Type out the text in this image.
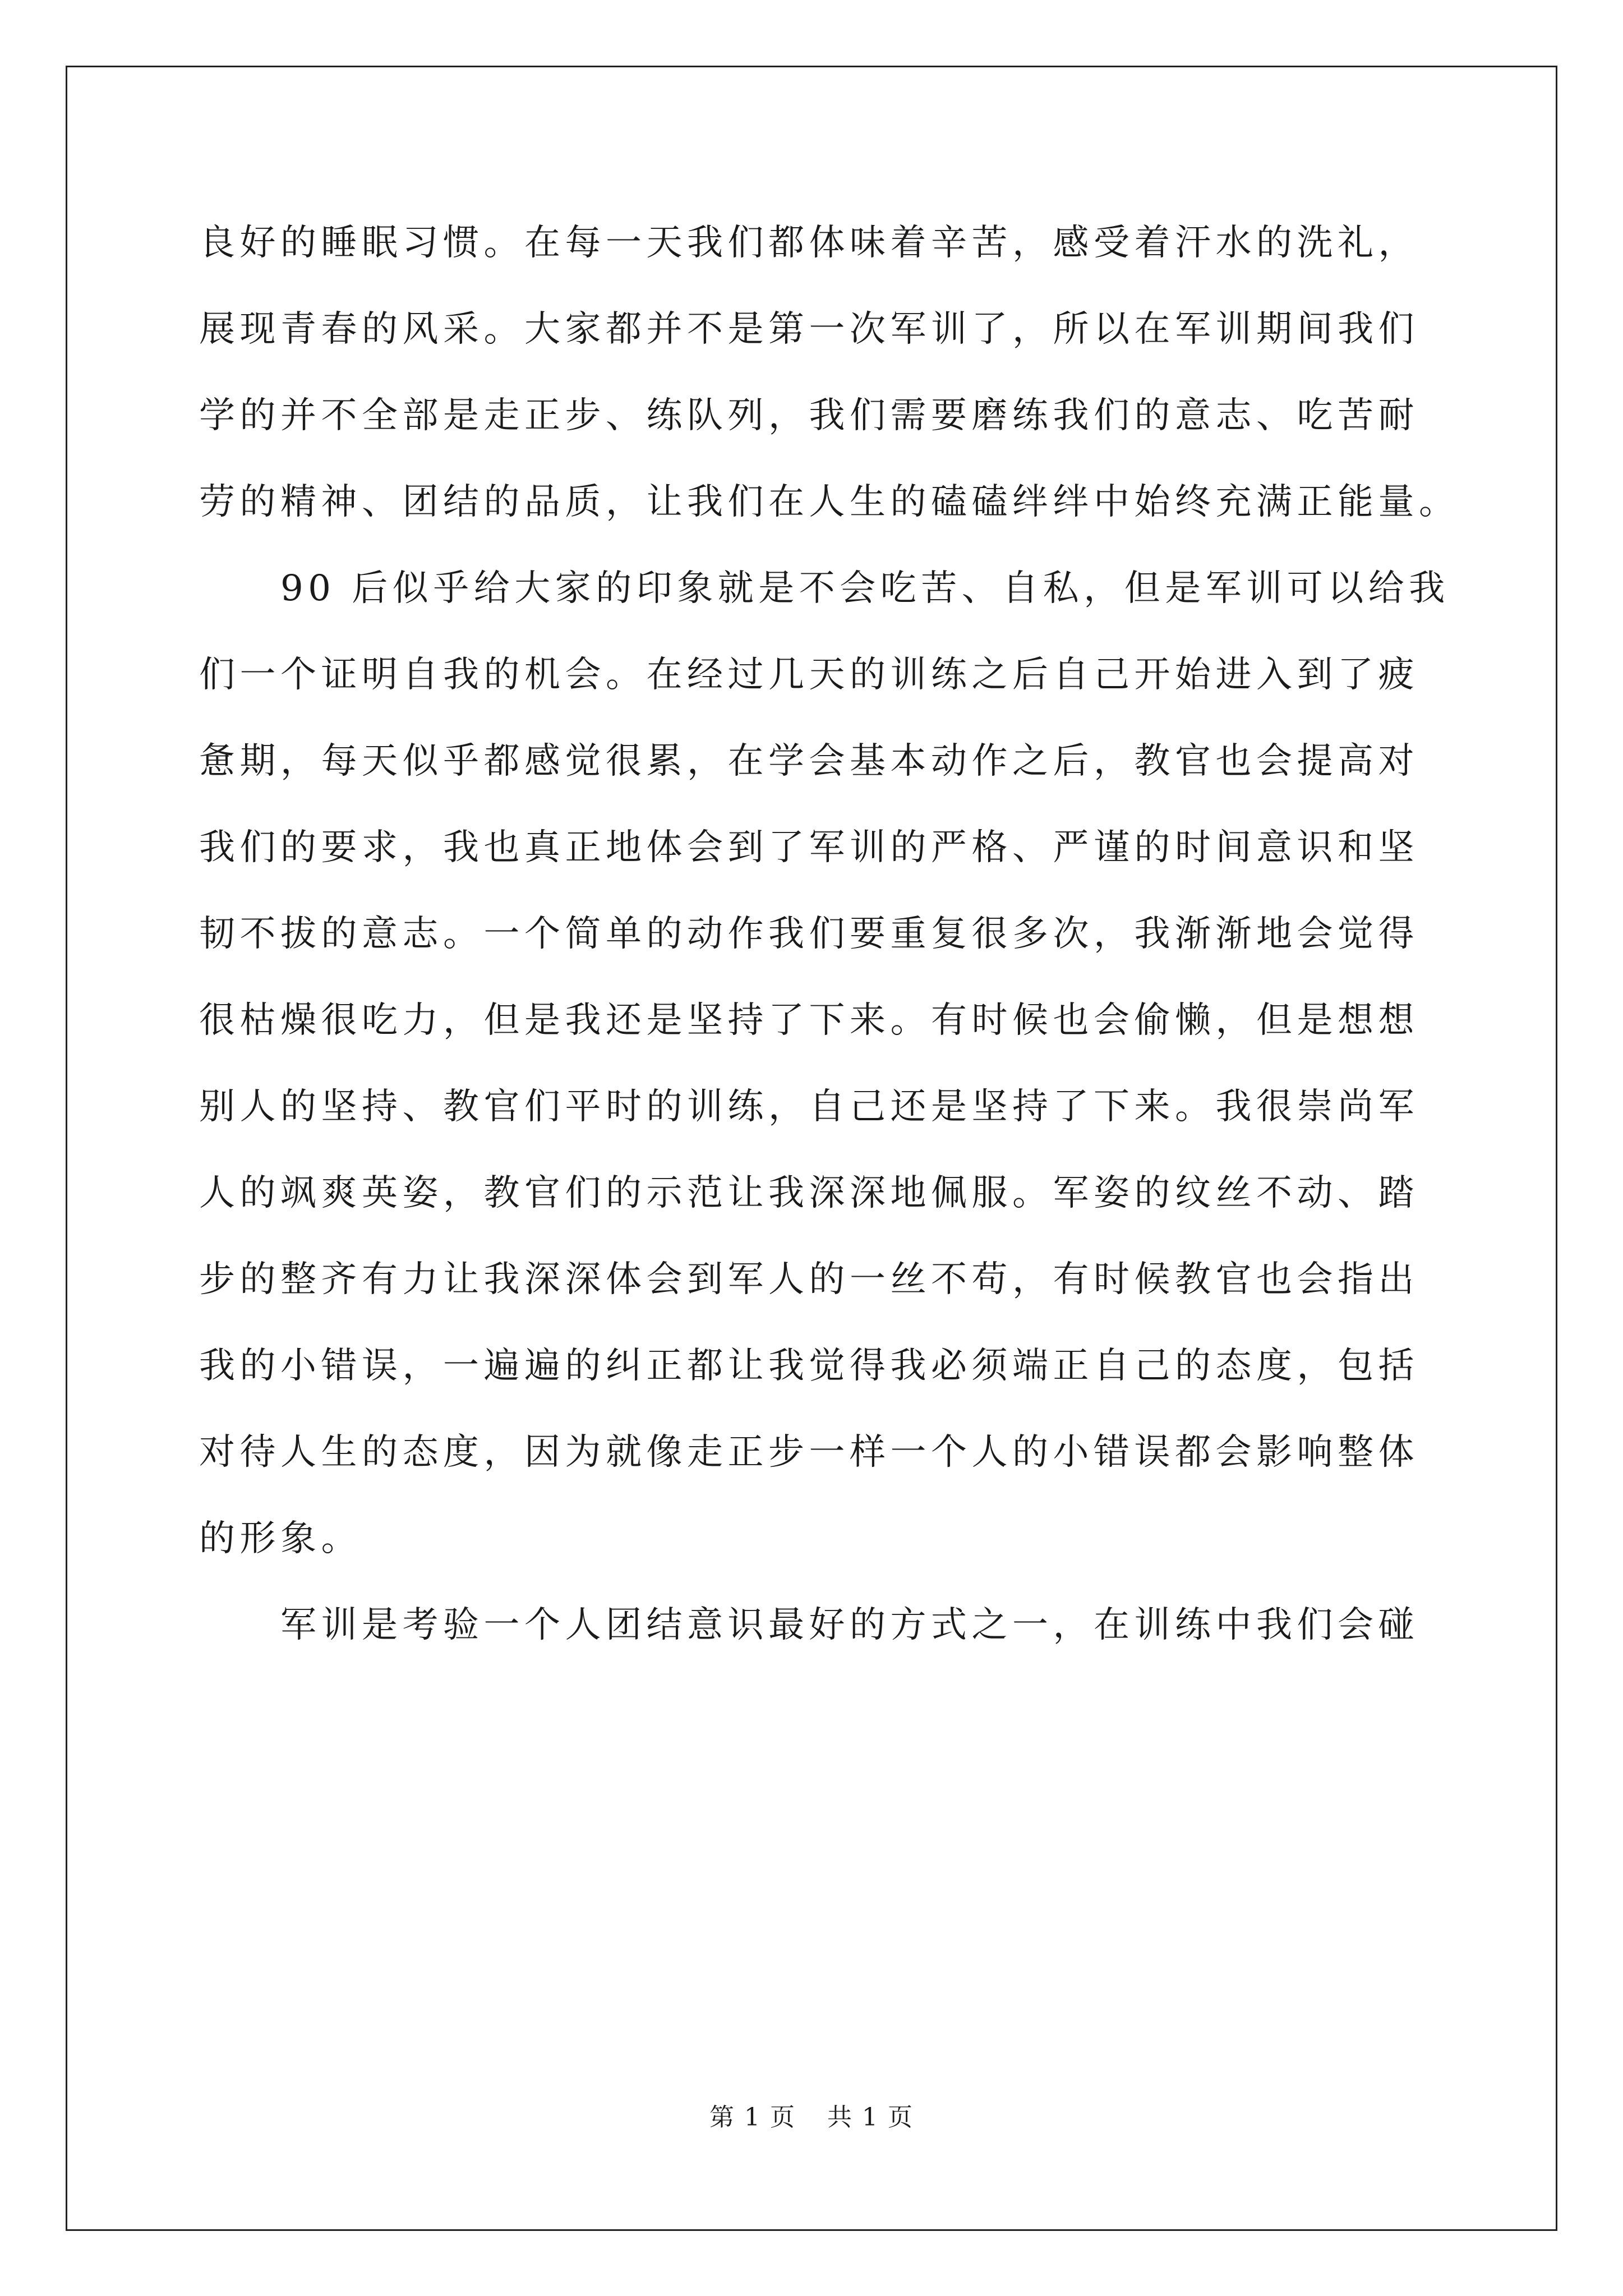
良好的睡眠习惯。在每一天我们都体味着辛苦，感受着汗水的洗礼，
展现青春的风采。大家都并不是第一次军训了，所以在军训期间我们
学的并不全部是走正步、练队列，我们需要磨练我们的意志、吃苦耐
劳的精神、团结的品质，让我们在人生的磕磕绊绊中始终充满正能量。
　　90 后似乎给大家的印象就是不会吃苦、自私，但是军训可以给我
们一个证明自我的机会。在经过几天的训练之后自己开始进入到了疲
惫期，每天似乎都感觉很累，在学会基本动作之后，教官也会提高对
我们的要求，我也真正地体会到了军训的严格、严谨的时间意识和坚
韧不拔的意志。一个简单的动作我们要重复很多次，我渐渐地会觉得
很枯燥很吃力，但是我还是坚持了下来。有时候也会偷懒，但是想想
别人的坚持、教官们平时的训练，自己还是坚持了下来。我很崇尚军
人的飒爽英姿，教官们的示范让我深深地佩服。军姿的纹丝不动、踏
步的整齐有力让我深深体会到军人的一丝不苟，有时候教官也会指出
我的小错误，一遍遍的纠正都让我觉得我必须端正自己的态度，包括
对待人生的态度，因为就像走正步一样一个人的小错误都会影响整体
的形象。
　　军训是考验一个人团结意识最好的方式之一，在训练中我们会碰
第 1 页 共 1 页
